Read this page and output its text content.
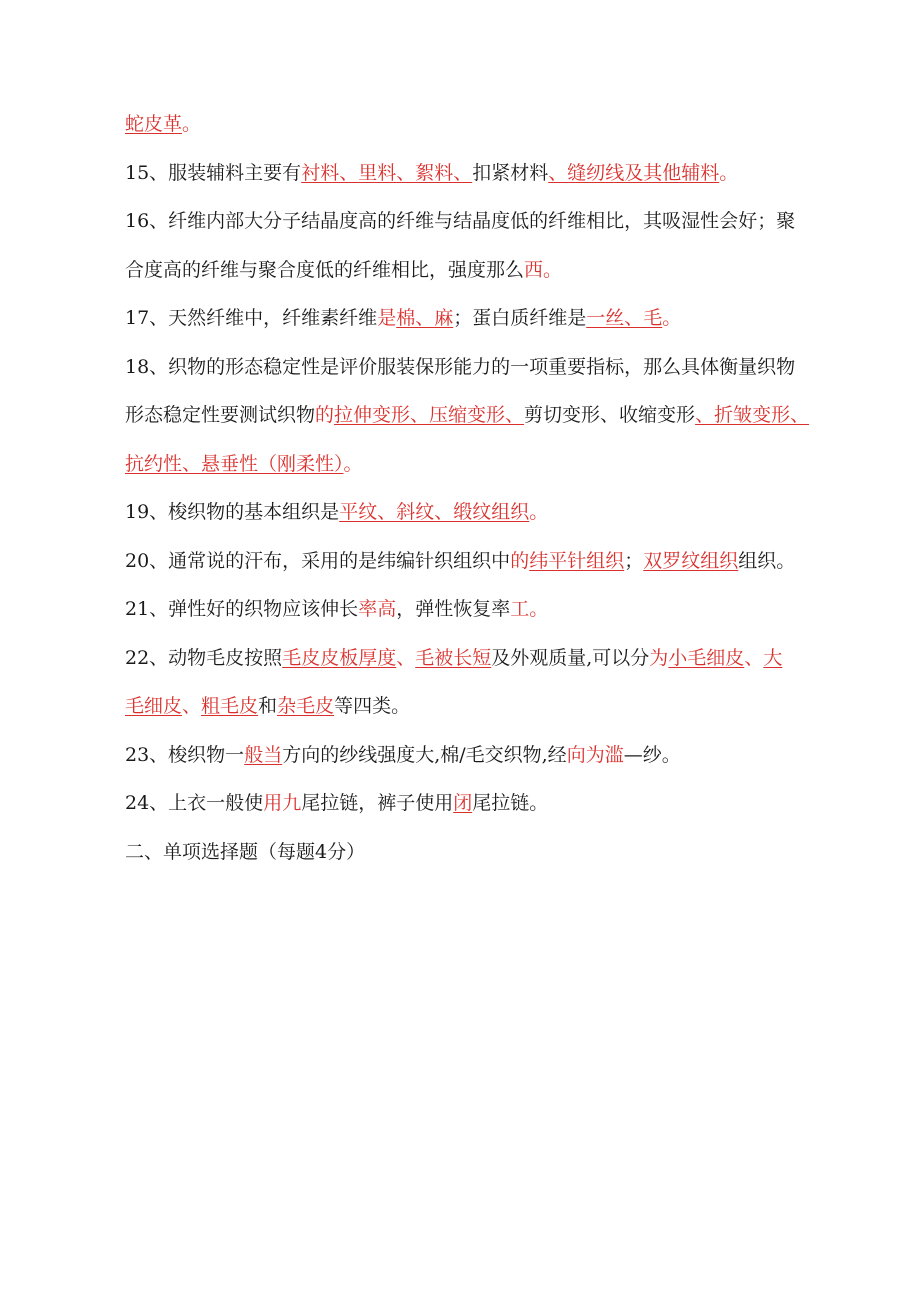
蛇皮革。
15、服装辅料主要有衬料、里料、絮料、扣紧材料、缝纫线及其他辅料。
16、纤维内部大分子结晶度高的纤维与结晶度低的纤维相比，其吸湿性会好；聚
合度高的纤维与聚合度低的纤维相比，强度那么西。
17、天然纤维中，纤维素纤维是棉、麻；蛋白质纤维是一丝、毛。
18、织物的形态稳定性是评价服装保形能力的一项重要指标，那么具体衡量织物
形态稳定性要测试织物的拉伸变形、压缩变形、剪切变形、收缩变形、折皱变形、
抗约性、悬垂性（刚柔性）。
19、梭织物的基本组织是平纹、斜纹、缎纹组织。
20、通常说的汗布，采用的是纬编针织组织中的纬平针组织；双罗纹组织组织。
21、弹性好的织物应该伸长率高，弹性恢复率工。
22、动物毛皮按照毛皮皮板厚度、毛被长短及外观质量,可以分为小毛细皮、大
毛细皮、粗毛皮和杂毛皮等四类。
23、梭织物一般当方向的纱线强度大,棉/毛交织物,经向为滥—纱。
24、上衣一般使用九尾拉链，裤子使用闭尾拉链。
二、单项选择题（每题4分）
